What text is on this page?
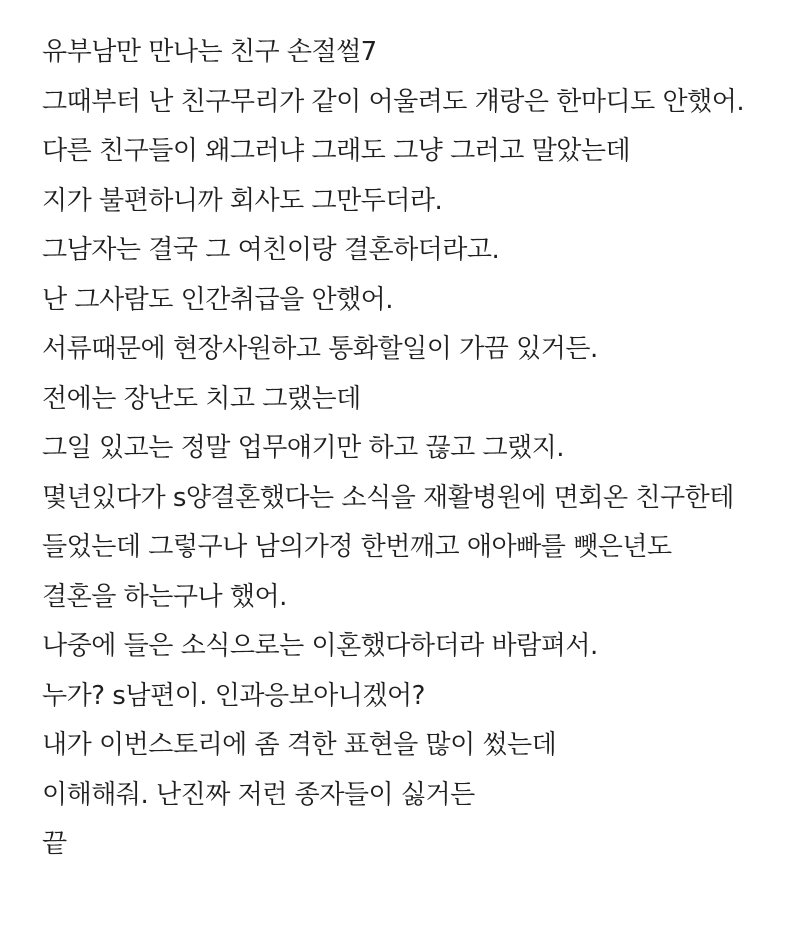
유부남만 만나는 친구 손절썰7
그때부터 난 친구무리가 같이 어울려도 걔랑은 한마디도 안했어.
다른 친구들이 왜그러냐 그래도 그냥 그러고 말았는데
지가 불편하니까 회사도 그만두더라.
그남자는 결국 그 여친이랑 결혼하더라고.
난 그사람도 인간취급을 안했어.
서류때문에 현장사원하고 통화할일이 가끔 있거든.
전에는 장난도 치고 그랬는데
그일 있고는 정말 업무얘기만 하고 끊고 그랬지.
몇년있다가 s양결혼했다는 소식을 재활병원에 면회온 친구한테
들었는데 그렇구나 남의가정 한번깨고 애아빠를 뺏은년도
결혼을 하는구나 했어.
나중에 들은 소식으로는 이혼했다하더라 바람펴서.
누가? s남편이. 인과응보아니겠어?
내가 이번스토리에 좀 격한 표현을 많이 썼는데
이해해줘. 난진짜 저런 종자들이 싫거든
끝
